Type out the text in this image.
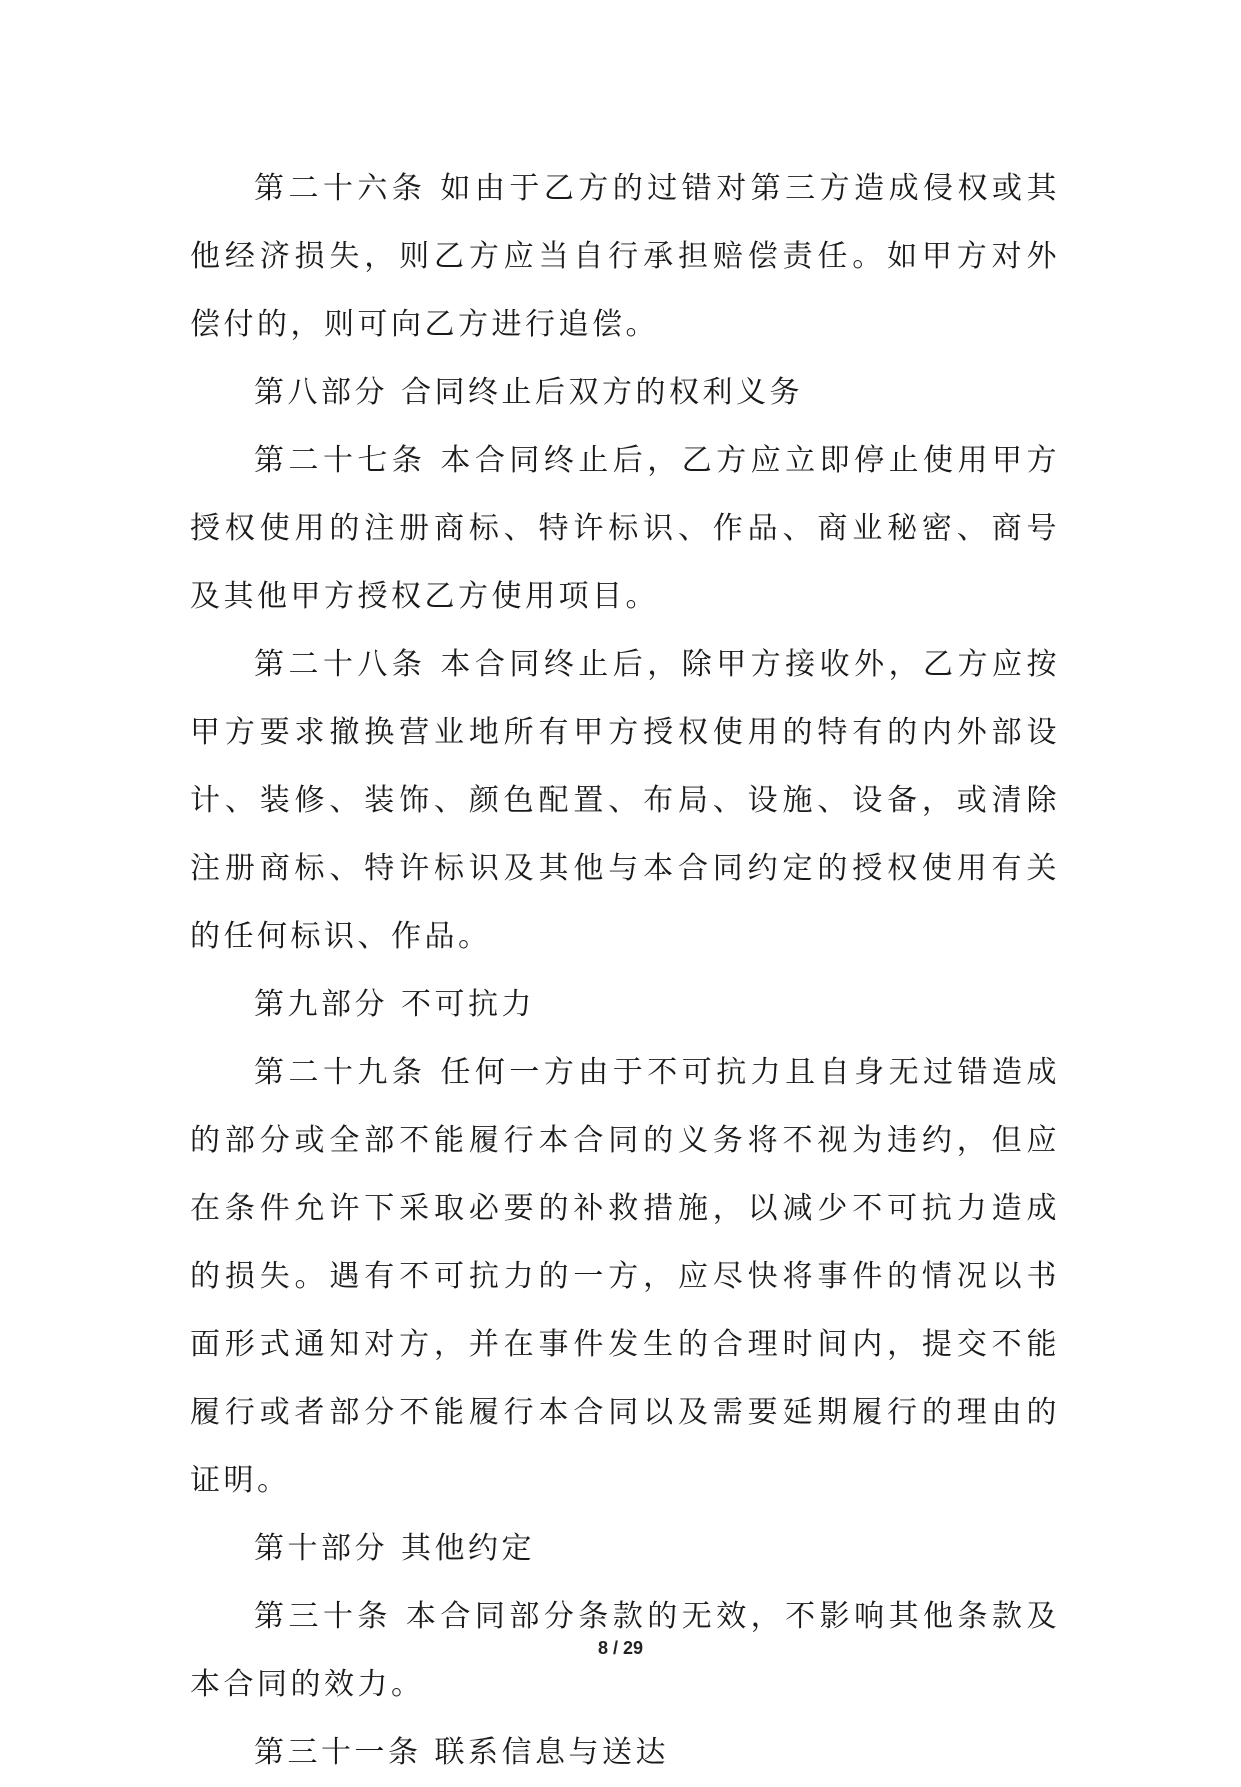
第二十六条 如由于乙方的过错对第三方造成侵权或其他经济损失，则乙方应当自行承担赔偿责任。如甲方对外偿付的，则可向乙方进行追偿。

第八部分 合同终止后双方的权利义务

第二十七条 本合同终止后，乙方应立即停止使用甲方授权使用的注册商标、特许标识、作品、商业秘密、商号及其他甲方授权乙方使用项目。

第二十八条 本合同终止后，除甲方接收外，乙方应按甲方要求撤换营业地所有甲方授权使用的特有的内外部设计、装修、装饰、颜色配置、布局、设施、设备，或清除注册商标、特许标识及其他与本合同约定的授权使用有关的任何标识、作品。

第九部分 不可抗力

第二十九条 任何一方由于不可抗力且自身无过错造成的部分或全部不能履行本合同的义务将不视为违约，但应在条件允许下采取必要的补救措施，以减少不可抗力造成的损失。遇有不可抗力的一方，应尽快将事件的情况以书面形式通知对方，并在事件发生的合理时间内，提交不能履行或者部分不能履行本合同以及需要延期履行的理由的证明。

第十部分 其他约定

第三十条 本合同部分条款的无效，不影响其他条款及本合同的效力。

第三十一条 联系信息与送达

8 / 29
